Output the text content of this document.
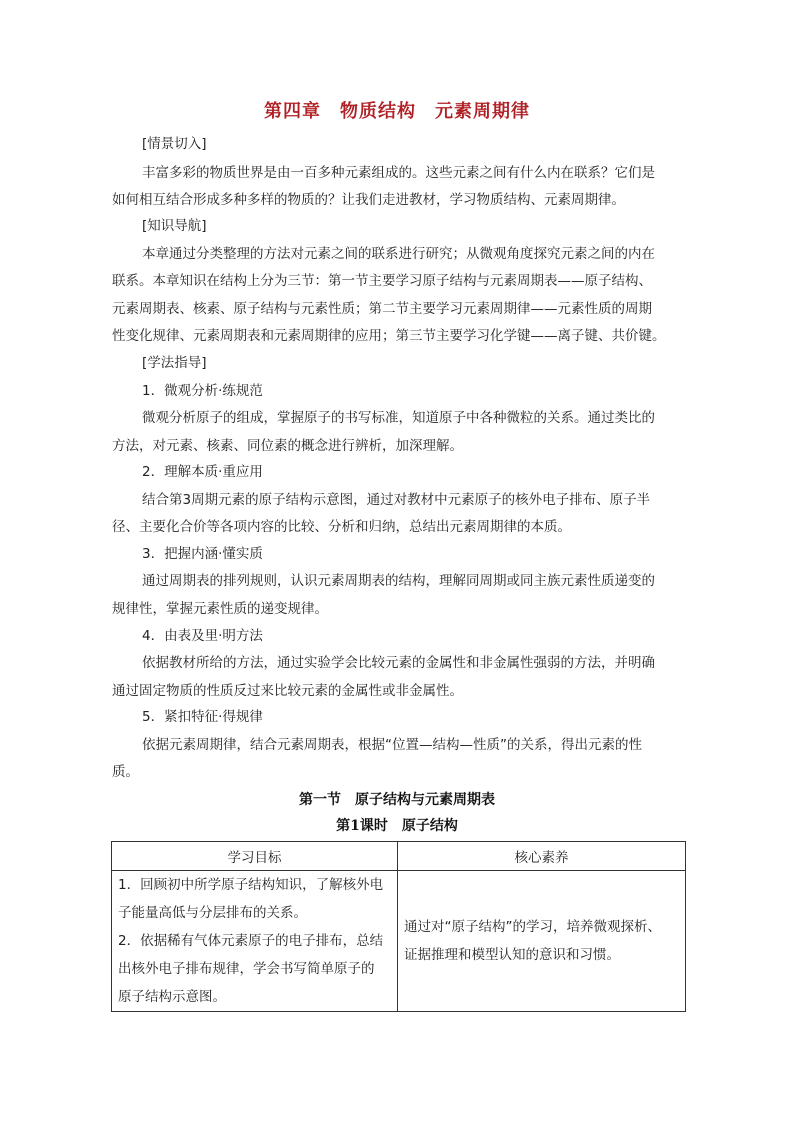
第四章　物质结构　元素周期律
[情景切入]
丰富多彩的物质世界是由一百多种元素组成的。这些元素之间有什么内在联系？它们是
如何相互结合形成多种多样的物质的？让我们走进教材，学习物质结构、元素周期律。
[知识导航]
本章通过分类整理的方法对元素之间的联系进行研究；从微观角度探究元素之间的内在
联系。本章知识在结构上分为三节：第一节主要学习原子结构与元素周期表——原子结构、
元素周期表、核素、原子结构与元素性质；第二节主要学习元素周期律——元素性质的周期
性变化规律、元素周期表和元素周期律的应用；第三节主要学习化学键——离子键、共价键。
[学法指导]
1．微观分析·练规范
微观分析原子的组成，掌握原子的书写标准，知道原子中各种微粒的关系。通过类比的
方法，对元素、核素、同位素的概念进行辨析，加深理解。
2．理解本质·重应用
结合第3周期元素的原子结构示意图，通过对教材中元素原子的核外电子排布、原子半
径、主要化合价等各项内容的比较、分析和归纳，总结出元素周期律的本质。
3．把握内涵·懂实质
通过周期表的排列规则，认识元素周期表的结构，理解同周期或同主族元素性质递变的
规律性，掌握元素性质的递变规律。
4．由表及里·明方法
依据教材所给的方法，通过实验学会比较元素的金属性和非金属性强弱的方法，并明确
通过固定物质的性质反过来比较元素的金属性或非金属性。
5．紧扣特征·得规律
依据元素周期律，结合元素周期表，根据“位置—结构—性质”的关系，得出元素的性
质。
第一节　原子结构与元素周期表
第1课时　原子结构
学习目标	核心素养

1．回顾初中所学原子结构知识，了解核外电
子能量高低与分层排布的关系。
2．依据稀有气体元素原子的电子排布，总结
出核外电子排布规律，学会书写简单原子的
原子结构示意图。	通过对“原子结构”的学习，培养微观探析、
证据推理和模型认知的意识和习惯。
